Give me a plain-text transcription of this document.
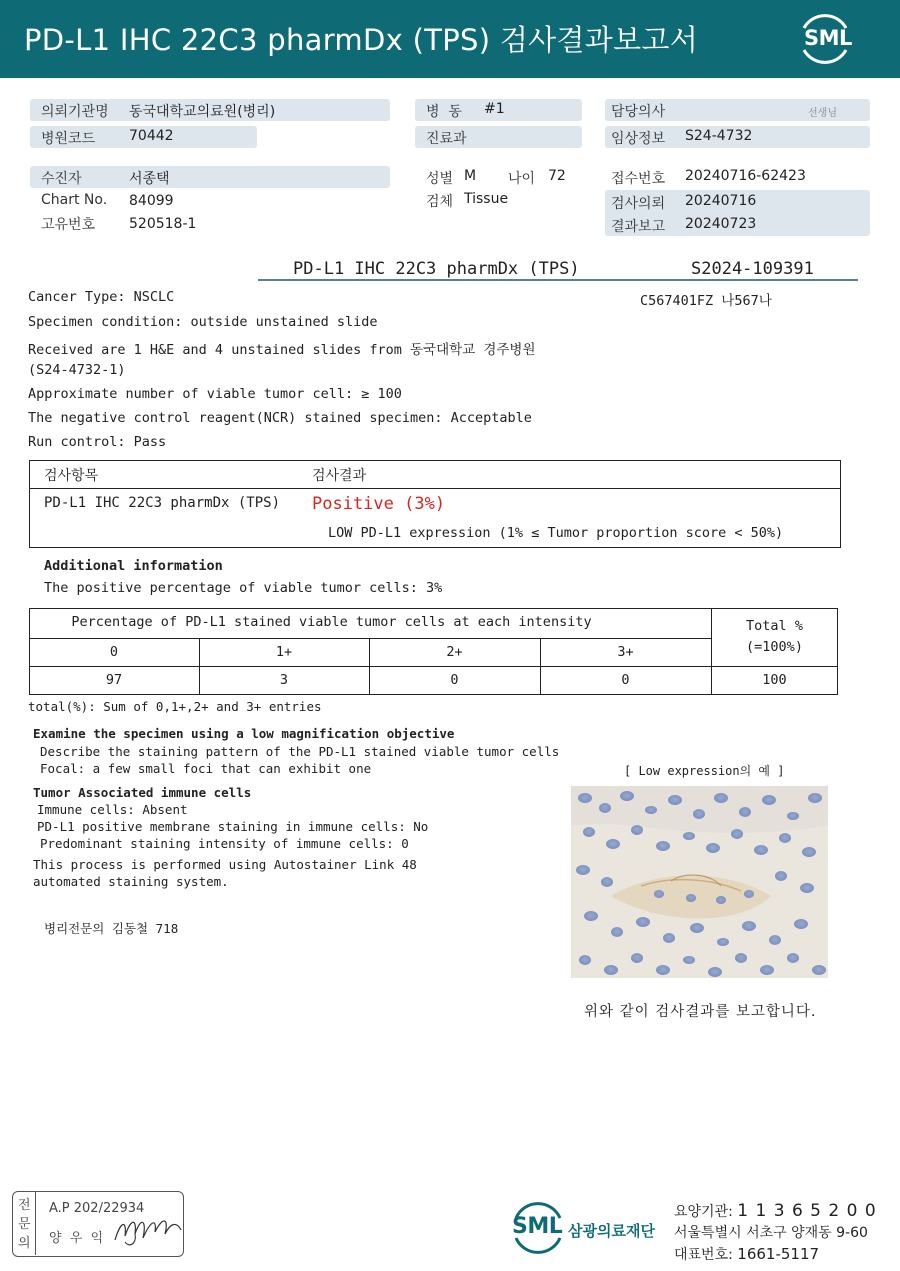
PD-L1 IHC 22C3 pharmDx (TPS) 검사결과보고서	SML
의뢰기관명 동국대학교의료원(병리)
병원코드 70442
병  동 #1
진료과
담당의사	선생님
임상정보 S24-4732
수진자	서종택
Chart No. 84099
고유번호 520518-1
성별 M 나이 72
검체 Tissue
접수번호 20240716-62423
검사의뢰 20240716
결과보고 20240723
PD-L1 IHC 22C3 pharmDx (TPS)	S2024-109391
Cancer Type: NSCLC	C567401FZ 나567나
Specimen condition: outside unstained slide
Received are 1 H&E and 4 unstained slides from 동국대학교 경주병원
(S24-4732-1)
Approximate number of viable tumor cell: ≥ 100
The negative control reagent(NCR) stained specimen: Acceptable
Run control: Pass
검사항목	검사결과
PD-L1 IHC 22C3 pharmDx (TPS) Positive (3%)
LOW PD-L1 expression (1% ≤ Tumor proportion score < 50%)
Additional information
The positive percentage of viable tumor cells: 3%
Percentage of PD-L1 stained viable tumor cells at each intensity	Total %
(=100%)
0	1+	2+	3+
97	3	0	0	100
total(%): Sum of 0,1+,2+ and 3+ entries
Examine the specimen using a low magnification objective
Describe the staining pattern of the PD-L1 stained viable tumor cells
Focal: a few small foci that can exhibit one	[ Low expression의 예 ]
Tumor Associated immune cells
Immune cells: Absent
PD-L1 positive membrane staining in immune cells: No
Predominant staining intensity of immune cells: 0
This process is performed using Autostainer Link 48
automated staining system.
병리전문의 김동철 718
위와 같이 검사결과를 보고합니다.
전
문
의
A.P 202/22934
양  우  익	SML 삼광의료재단
요양기관: 1 1 3 6 5 2 0 0
서울특별시 서초구 양재동 9-60
대표번호: 1661-5117
